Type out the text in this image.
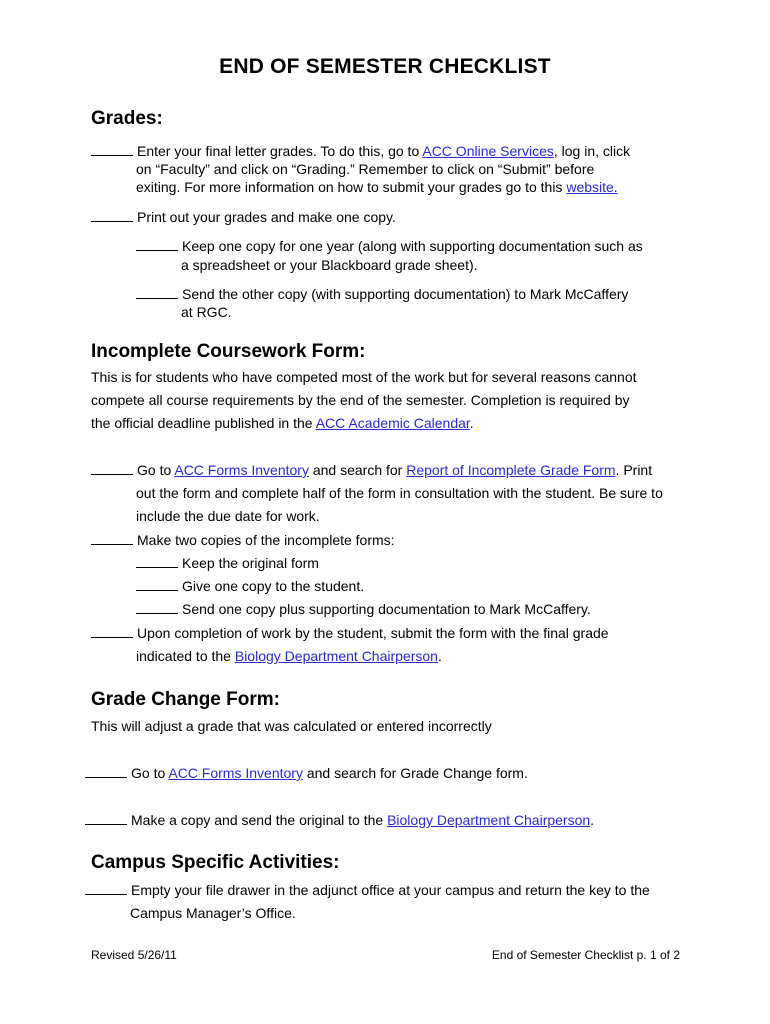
END OF SEMESTER CHECKLIST
Grades:
Enter your final letter grades. To do this, go to ACC Online Services, log in, click
on “Faculty” and click on “Grading.” Remember to click on “Submit” before
exiting. For more information on how to submit your grades go to this website.
Print out your grades and make one copy.
Keep one copy for one year (along with supporting documentation such as
a spreadsheet or your Blackboard grade sheet).
Send the other copy (with supporting documentation) to Mark McCaffery
at RGC.
Incomplete Coursework Form:
This is for students who have competed most of the work but for several reasons cannot
compete all course requirements by the end of the semester. Completion is required by
the official deadline published in the ACC Academic Calendar.
Go to ACC Forms Inventory and search for Report of Incomplete Grade Form. Print
out the form and complete half of the form in consultation with the student. Be sure to
include the due date for work.
Make two copies of the incomplete forms:
Keep the original form
Give one copy to the student.
Send one copy plus supporting documentation to Mark McCaffery.
Upon completion of work by the student, submit the form with the final grade
indicated to the Biology Department Chairperson.
Grade Change Form:
This will adjust a grade that was calculated or entered incorrectly
Go to ACC Forms Inventory and search for Grade Change form.
Make a copy and send the original to the Biology Department Chairperson.
Campus Specific Activities:
Empty your file drawer in the adjunct office at your campus and return the key to the
Campus Manager’s Office.
Revised 5/26/11	End of Semester Checklist p. 1 of 2
